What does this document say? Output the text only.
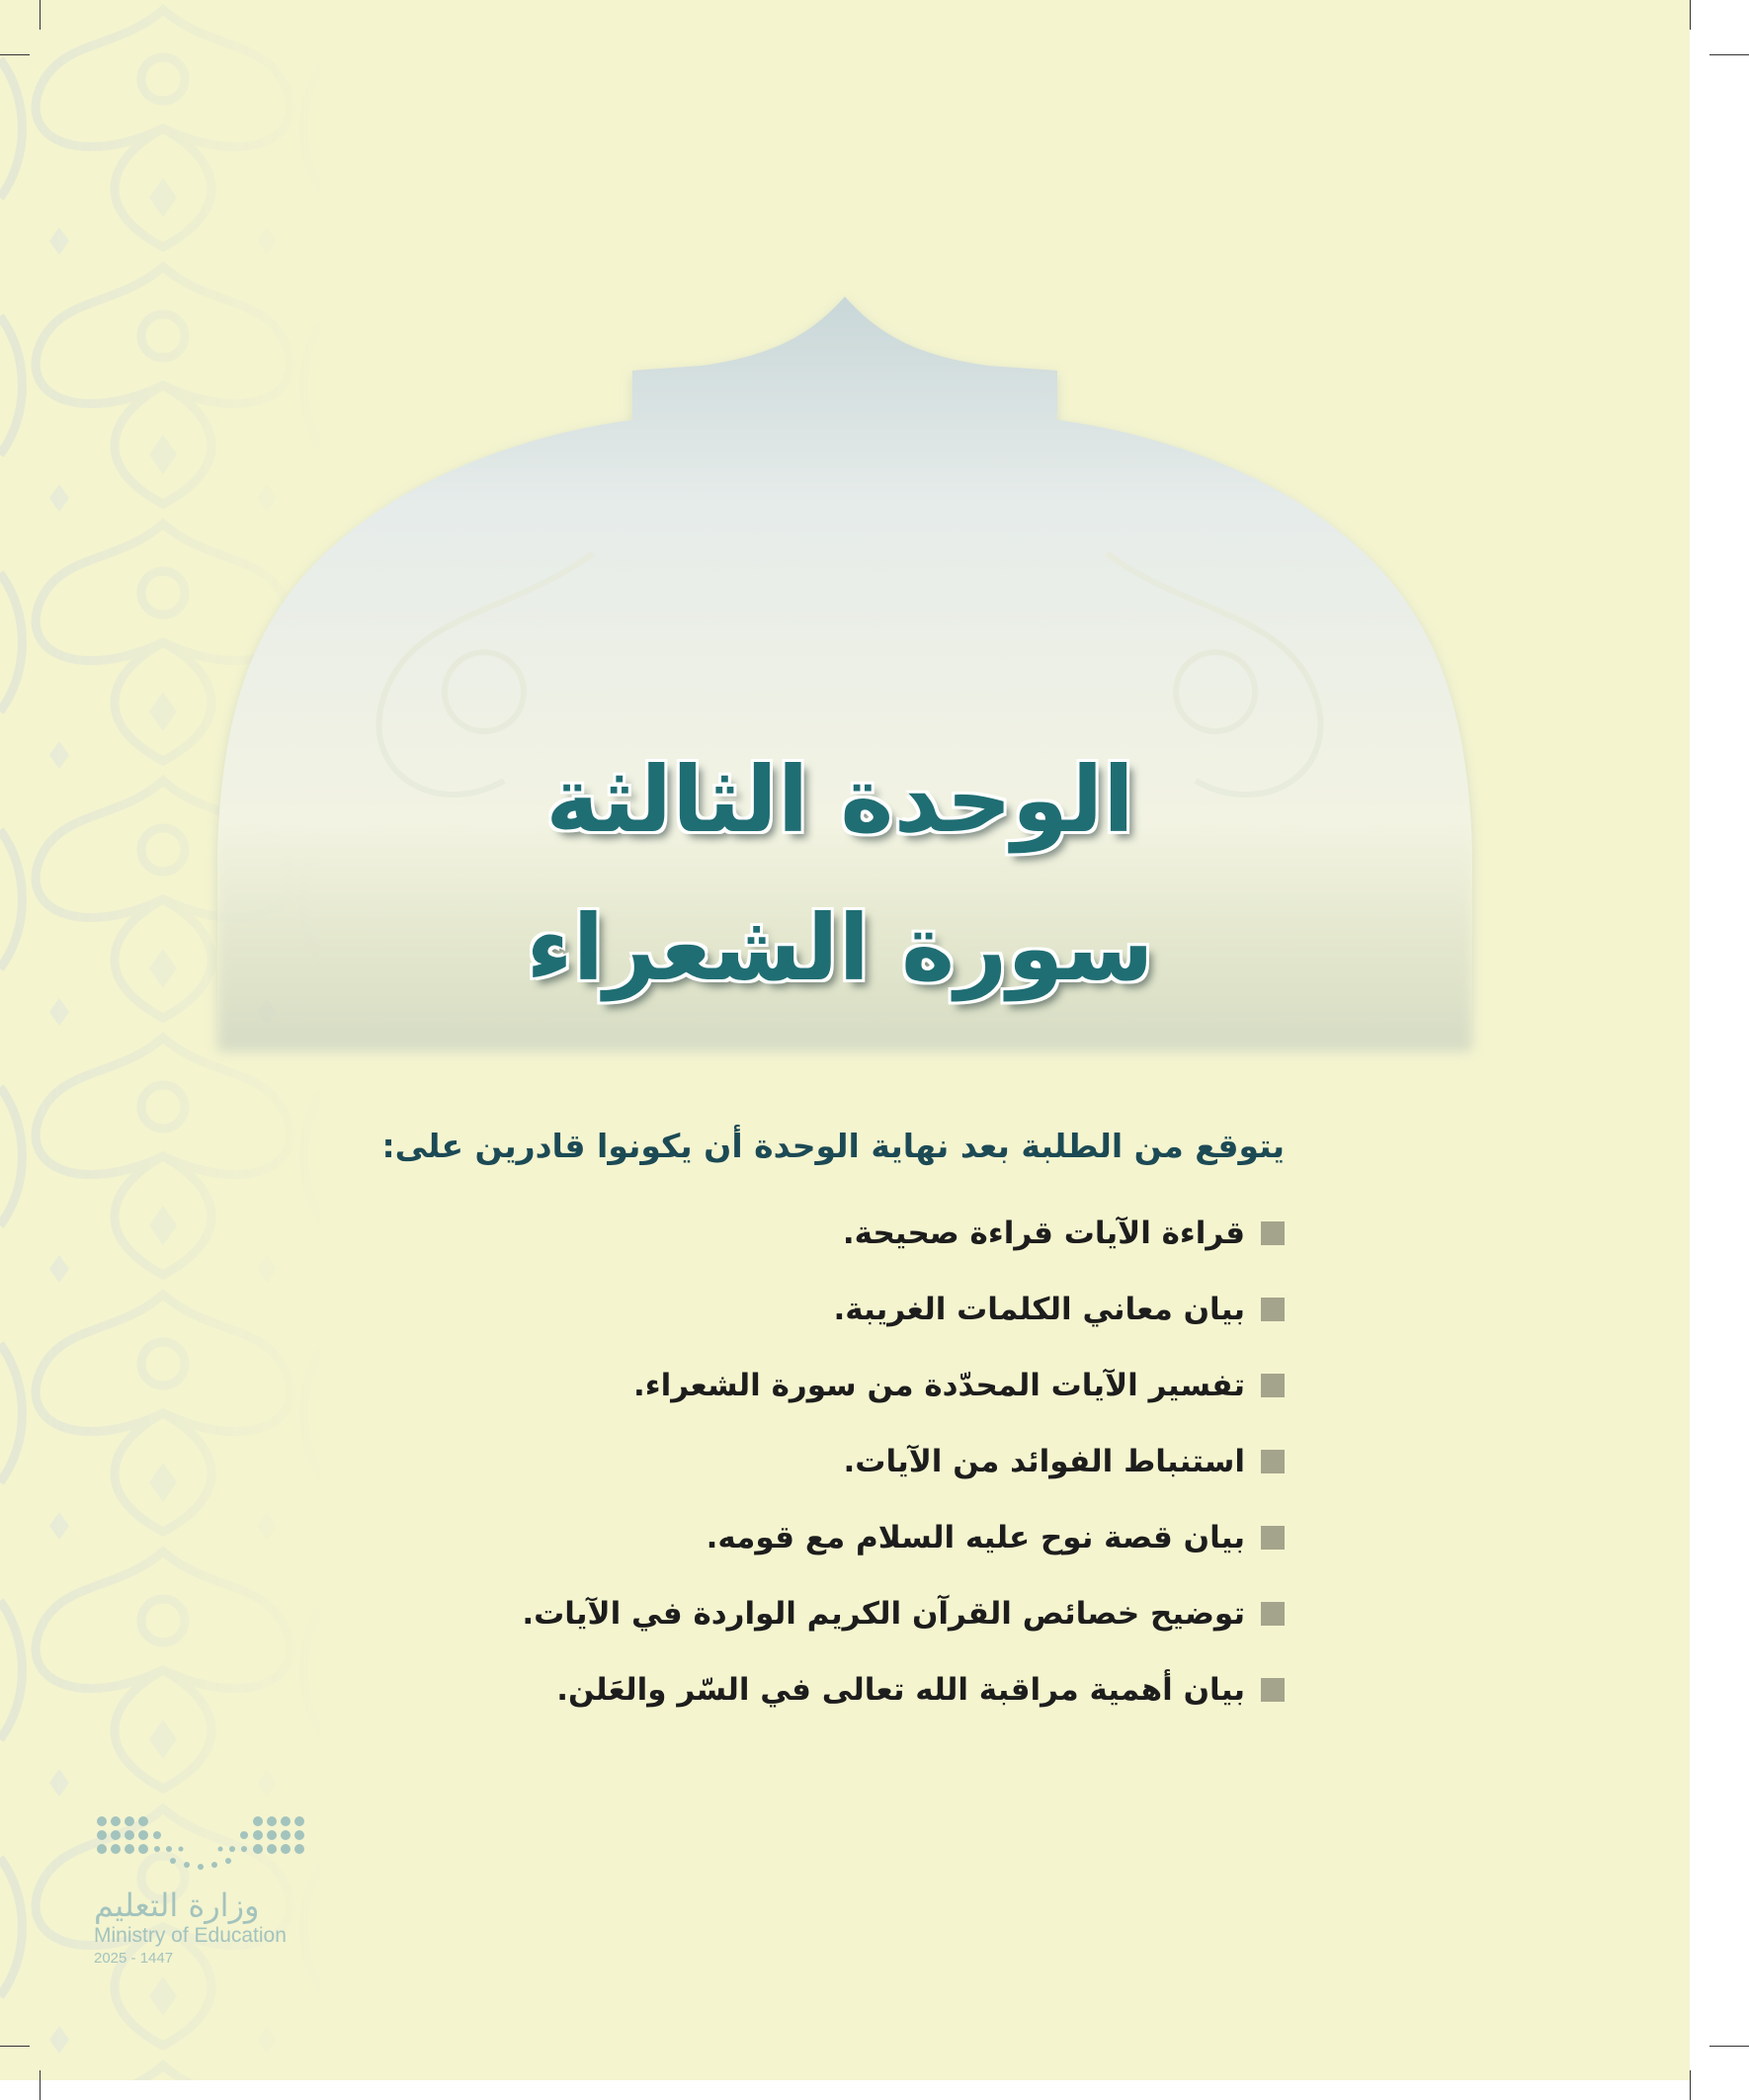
الوحدة الثالثة
سورة الشعراء

يتوقع من الطلبة بعد نهاية الوحدة أن يكونوا قادرين على:

قراءة الآيات قراءة صحيحة.
بيان معاني الكلمات الغريبة.
تفسير الآيات المحدّدة من سورة الشعراء.
استنباط الفوائد من الآيات.
بيان قصة نوح عليه السلام مع قومه.
توضيح خصائص القرآن الكريم الواردة في الآيات.
بيان أهمية مراقبة الله تعالى في السّر والعَلن.
وزارة التعليم
Ministry of Education
2025 - 1447
